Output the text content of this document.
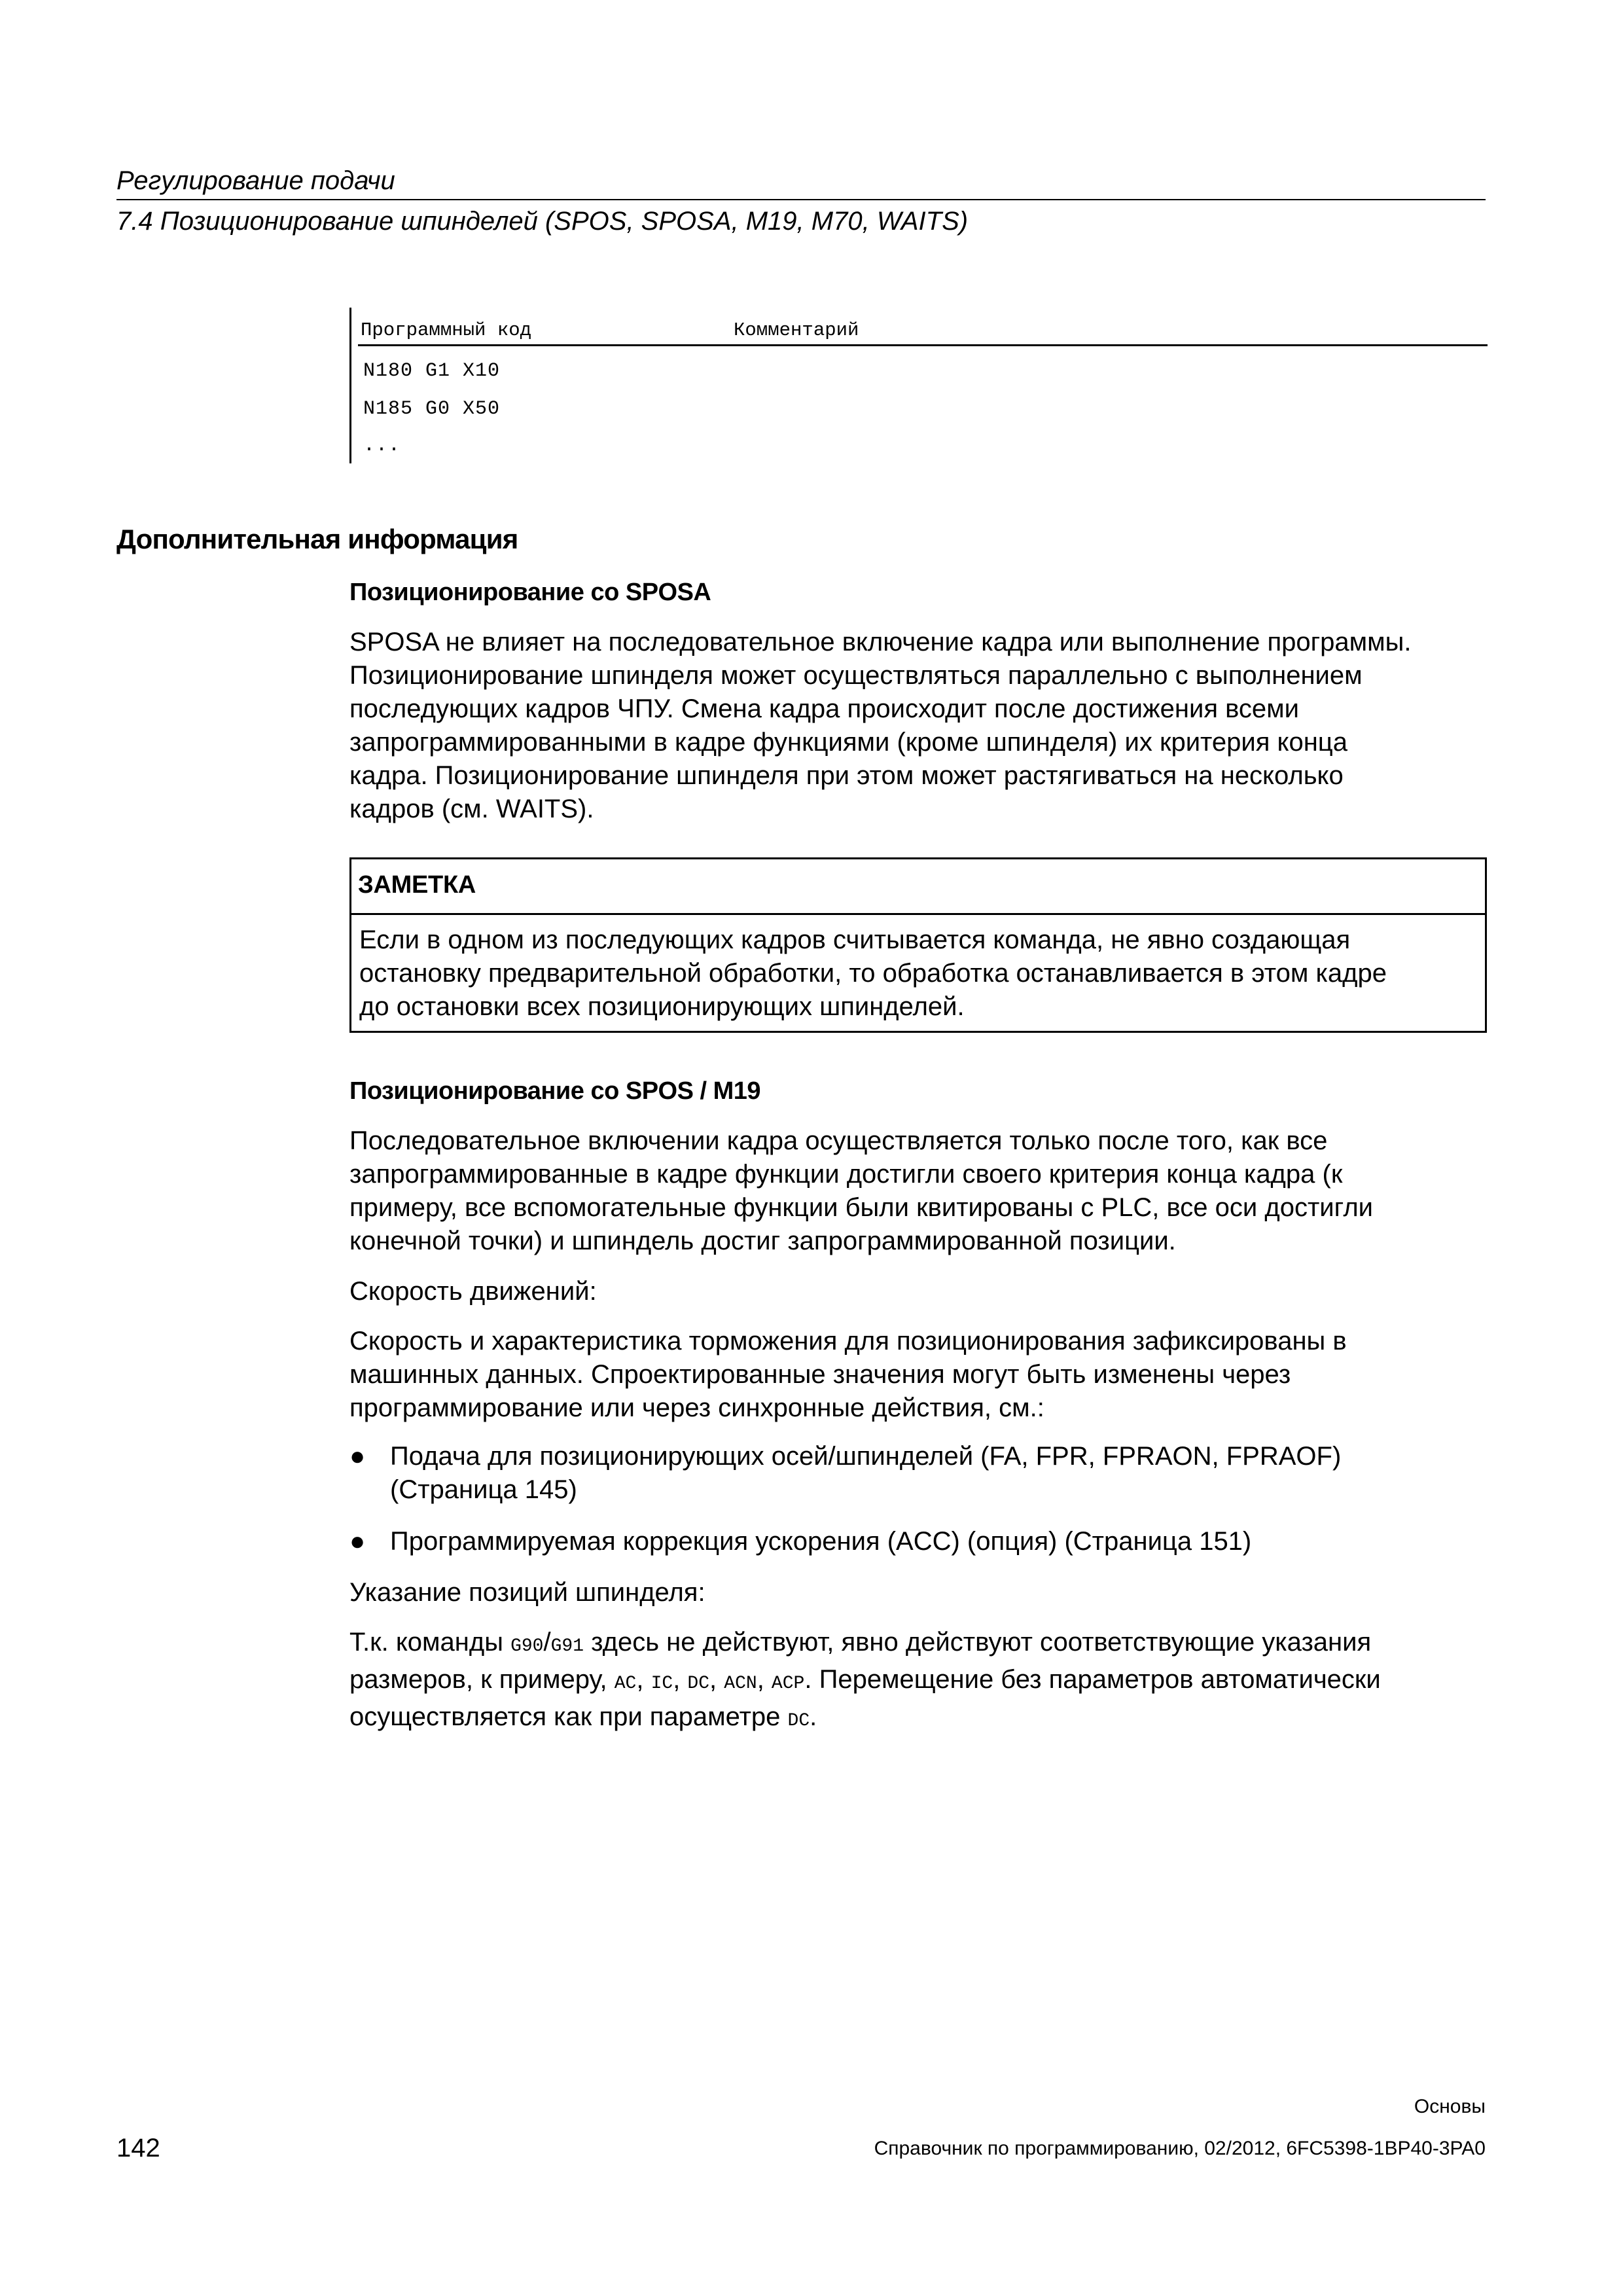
Регулирование подачи
7.4 Позиционирование шпинделей (SPOS, SPOSA, M19, M70, WAITS)
Программный код	Комментарий
N180 G1 X10
N185 G0 X50
...
Дополнительная информация
Позиционирование со SPOSA
SPOSA не влияет на последовательное включение кадра или выполнение программы.
Позиционирование шпинделя может осуществляться параллельно с выполнением
последующих кадров ЧПУ. Смена кадра происходит после достижения всеми
запрограммированными в кадре функциями (кроме шпинделя) их критерия конца
кадра. Позиционирование шпинделя при этом может растягиваться на несколько
кадров (см. WAITS).
ЗАМЕТКА
Если в одном из последующих кадров считывается команда, не явно создающая
остановку предварительной обработки, то обработка останавливается в этом кадре
до остановки всех позиционирующих шпинделей.
Позиционирование со SPOS / M19
Последовательное включении кадра осуществляется только после того, как все
запрограммированные в кадре функции достигли своего критерия конца кадра (к
примеру, все вспомогательные функции были квитированы с PLC, все оси достигли
конечной точки) и шпиндель достиг запрограммированной позиции.
Скорость движений:
Скорость и характеристика торможения для позиционирования зафиксированы в
машинных данных. Спроектированные значения могут быть изменены через
программирование или через синхронные действия, см.:
● Подача для позиционирующих осей/шпинделей (FA, FPR, FPRAON, FPRAOF)
(Страница 145)
● Программируемая коррекция ускорения (ACC) (опция) (Страница 151)
Указание позиций шпинделя:
Т.к. команды G90/G91 здесь не действуют, явно действуют соответствующие указания
размеров, к примеру, AC, IC, DC, ACN, ACP. Перемещение без параметров автоматически
осуществляется как при параметре DC.
Основы
142	Справочник по программированию, 02/2012, 6FC5398-1BP40-3PA0
